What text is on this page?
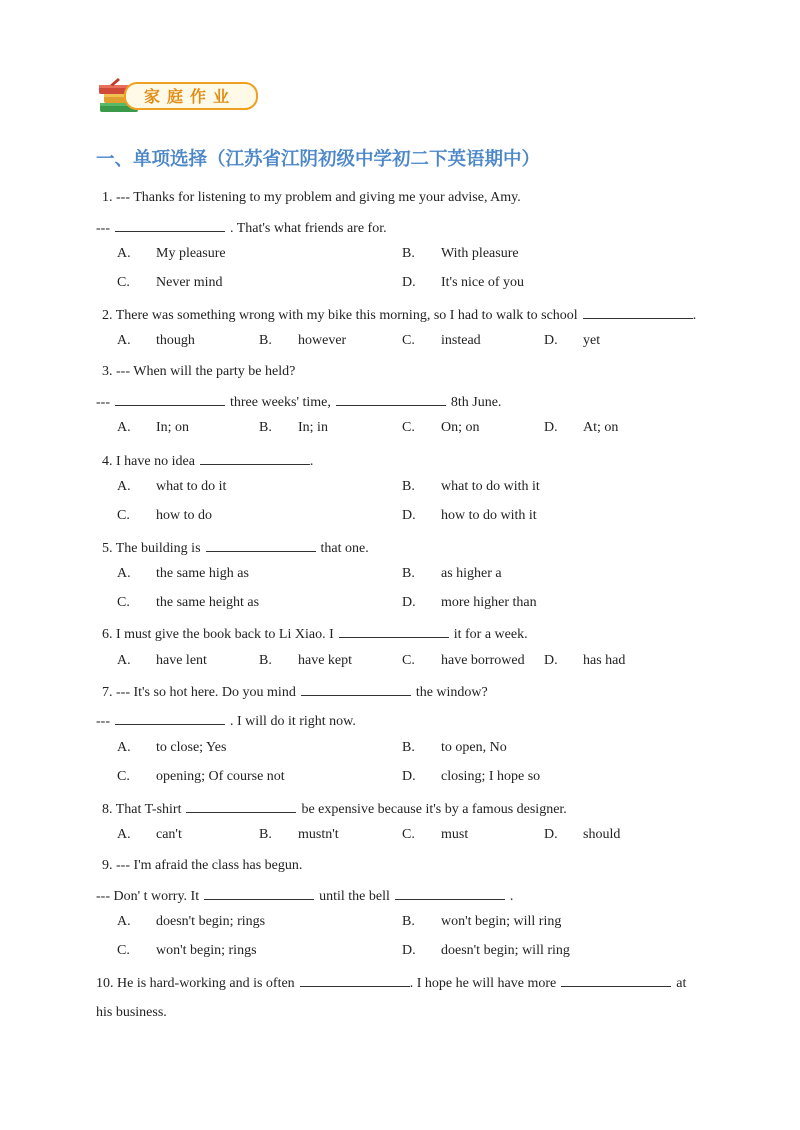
家庭作业
一、单项选择（江苏省江阴初级中学初二下英语期中）
1. --- Thanks for listening to my problem and giving me your advise, Amy.
---	. That's what friends are for.
A. My pleasure	B. With pleasure
C. Never mind	D. It's nice of you
2. There was something wrong with my bike this morning, so I had to walk to school	.
A. though	B. however	C. instead	D. yet
3. --- When will the party be held?
---	three weeks' time,	8th June.
A. In; on	B. In; in	C. On; on	D. At; on
4. I have no idea	.
A. what to do it	B. what to do with it
C. how to do	D. how to do with it
5. The building is	that one.
A. the same high as	B. as higher a
C. the same height as	D. more higher than
6. I must give the book back to Li Xiao. I	it for a week.
A. have lent	B. have kept	C. have borrowed D. has had
7. --- It's so hot here. Do you mind	the window?
---	. I will do it right now.
A. to close; Yes	B. to open, No
C. opening; Of course not	D. closing; I hope so
8. That T-shirt	be expensive because it's by a famous designer.
A. can't	B. mustn't	C. must	D. should
9. --- I'm afraid the class has begun.
--- Don' t worry. It	until the bell	.
A. doesn't begin; rings	B. won't begin; will ring
C. won't begin; rings	D. doesn't begin; will ring
10. He is hard-working and is often	. I hope he will have more	at
his business.
